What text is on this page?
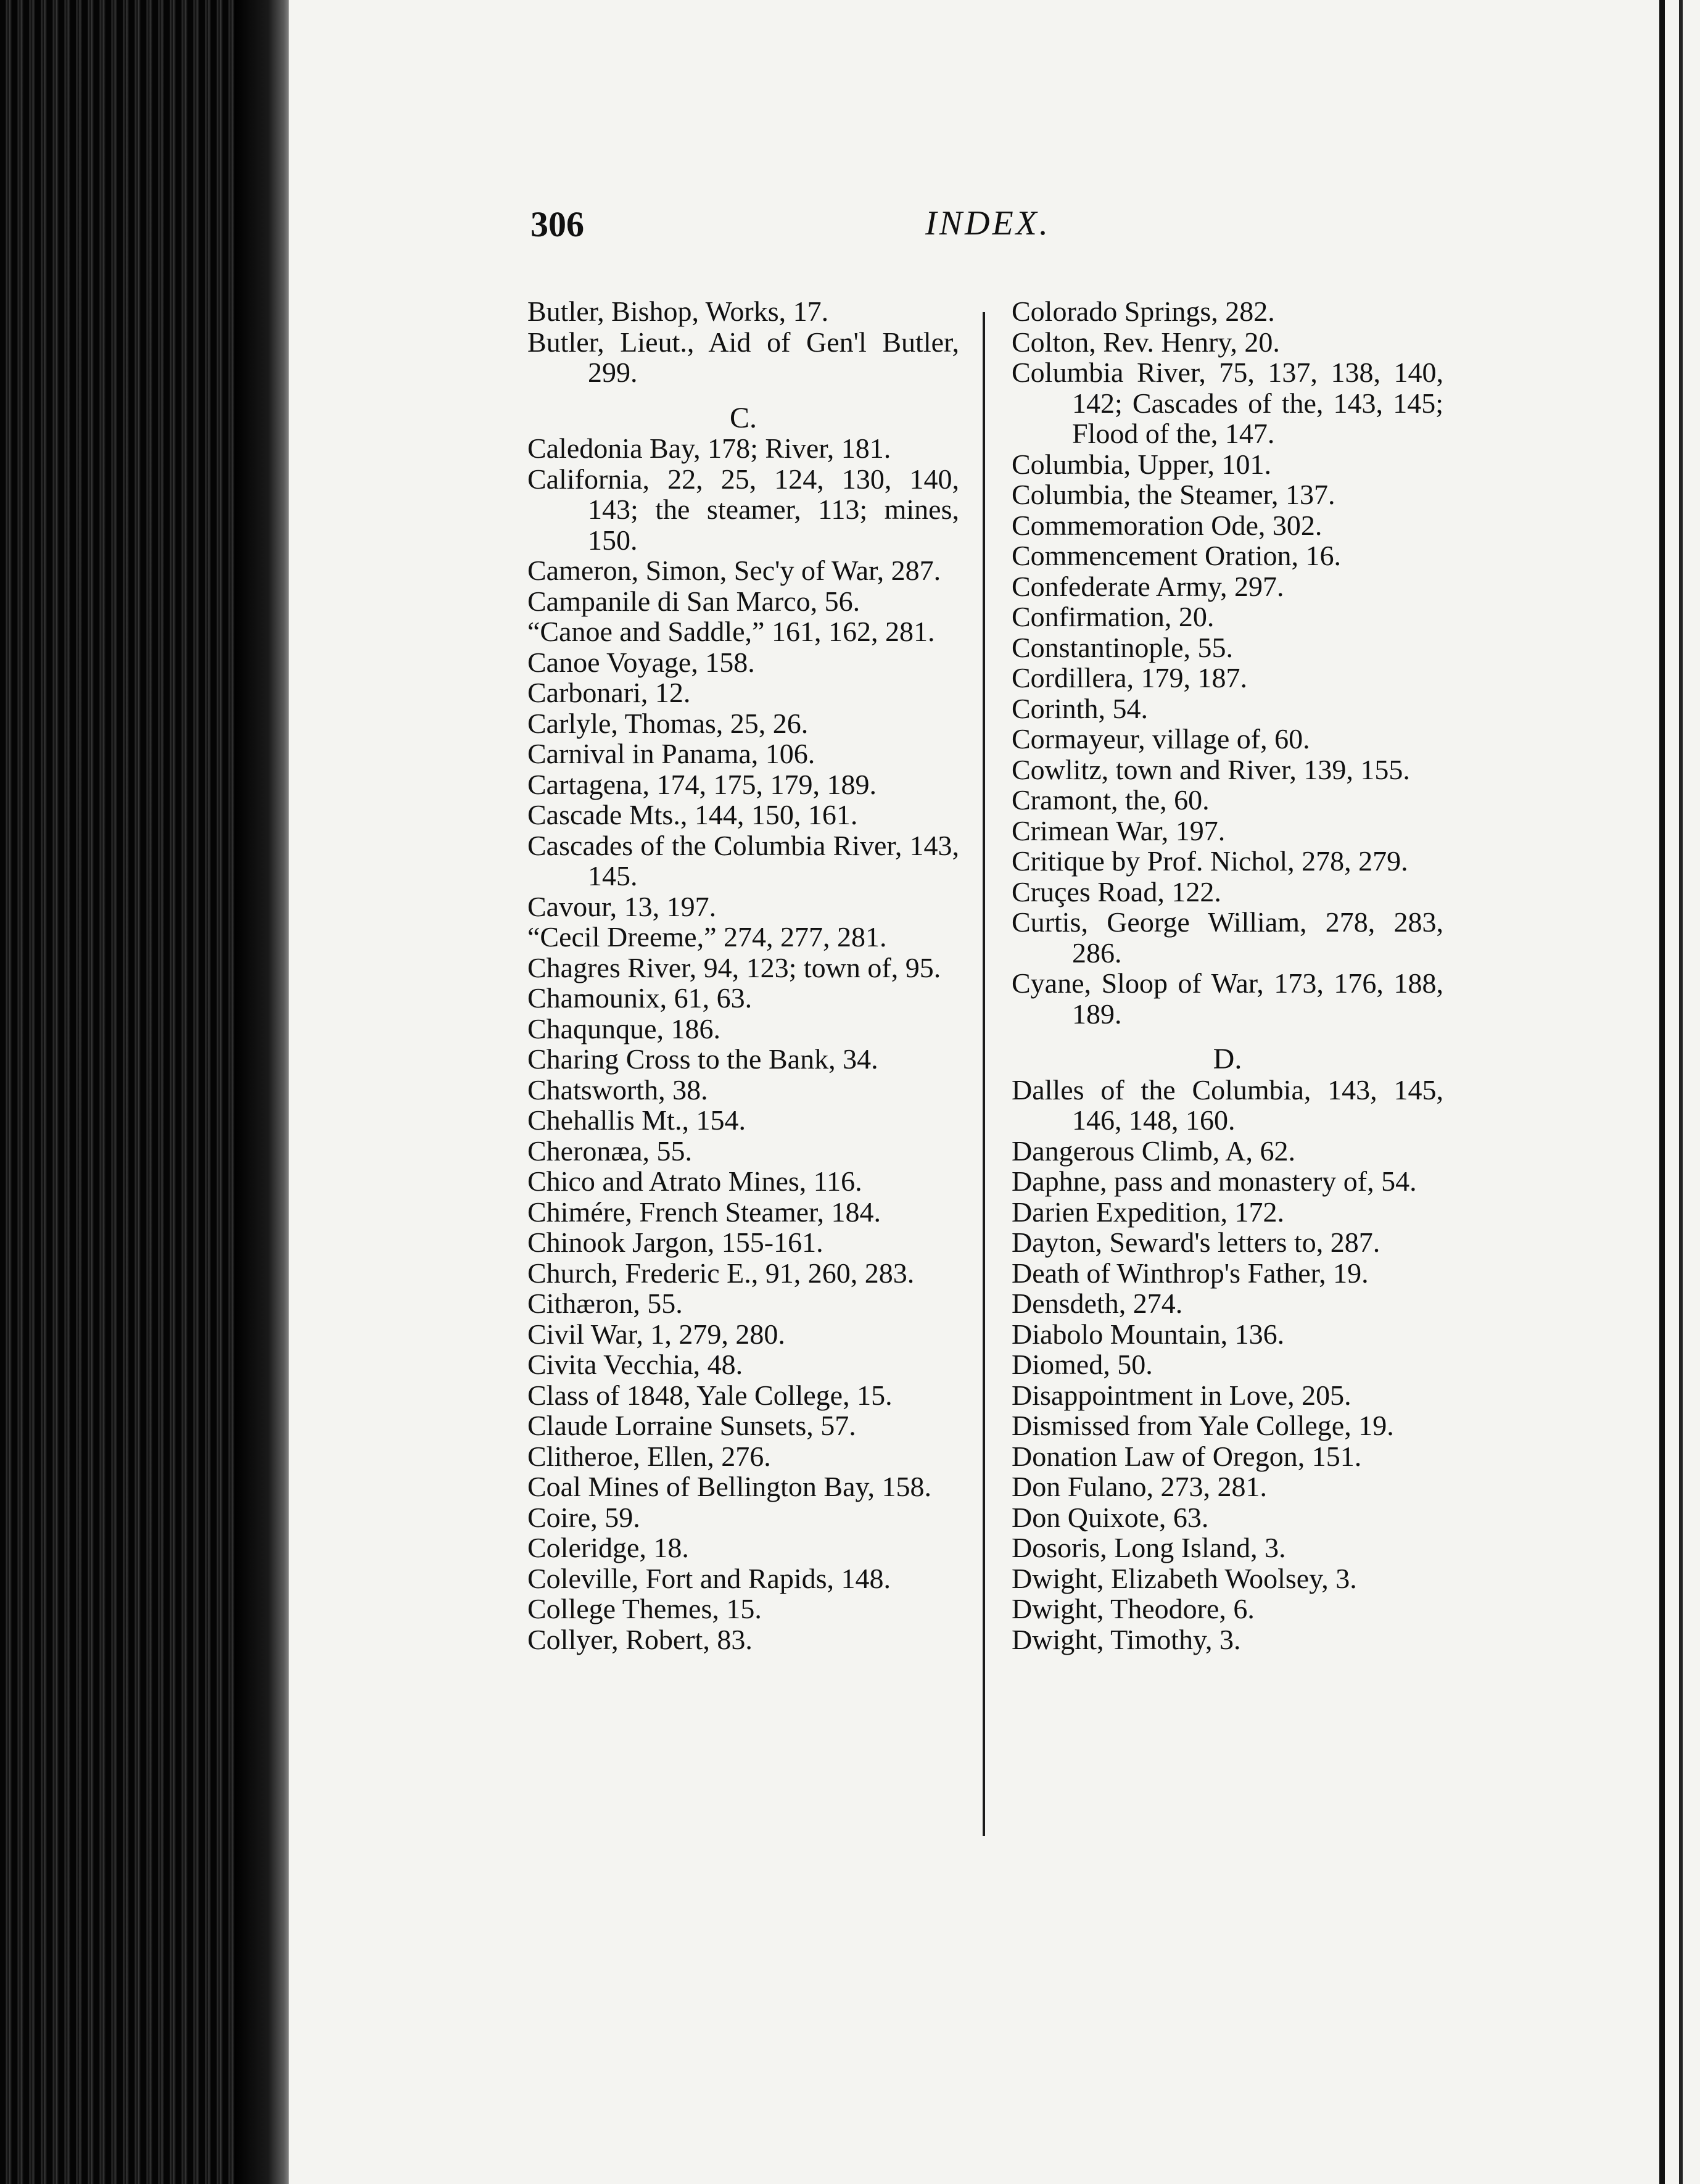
306	INDEX.

Butler, Bishop, Works, 17.

Butler, Lieut., Aid of Gen'l Butler, 299.

C.

Caledonia Bay, 178; River, 181.

California, 22, 25, 124, 130, 140, 143; the steamer, 113; mines, 150.

Cameron, Simon, Sec'y of War, 287.

Campanile di San Marco, 56.

“Canoe and Saddle,” 161, 162, 281.

Canoe Voyage, 158.

Carbonari, 12.

Carlyle, Thomas, 25, 26.

Carnival in Panama, 106.

Cartagena, 174, 175, 179, 189.

Cascade Mts., 144, 150, 161.

Cascades of the Columbia River, 143, 145.

Cavour, 13, 197.

“Cecil Dreeme,” 274, 277, 281.

Chagres River, 94, 123; town of, 95.

Chamounix, 61, 63.

Chaqunque, 186.

Charing Cross to the Bank, 34.

Chatsworth, 38.

Chehallis Mt., 154.

Cheronæa, 55.

Chico and Atrato Mines, 116.

Chimére, French Steamer, 184.

Chinook Jargon, 155-161.

Church, Frederic E., 91, 260, 283.

Cithæron, 55.

Civil War, 1, 279, 280.

Civita Vecchia, 48.

Class of 1848, Yale College, 15.

Claude Lorraine Sunsets, 57.

Clitheroe, Ellen, 276.

Coal Mines of Bellington Bay, 158.

Coire, 59.

Coleridge, 18.

Coleville, Fort and Rapids, 148.

College Themes, 15.

Collyer, Robert, 83.

Colorado Springs, 282.

Colton, Rev. Henry, 20.

Columbia River, 75, 137, 138, 140, 142; Cascades of the, 143, 145; Flood of the, 147.

Columbia, Upper, 101.

Columbia, the Steamer, 137.

Commemoration Ode, 302.

Commencement Oration, 16.

Confederate Army, 297.

Confirmation, 20.

Constantinople, 55.

Cordillera, 179, 187.

Corinth, 54.

Cormayeur, village of, 60.

Cowlitz, town and River, 139, 155.

Cramont, the, 60.

Crimean War, 197.

Critique by Prof. Nichol, 278, 279.

Cruçes Road, 122.

Curtis, George William, 278, 283, 286.

Cyane, Sloop of War, 173, 176, 188, 189.

D.

Dalles of the Columbia, 143, 145, 146, 148, 160.

Dangerous Climb, A, 62.

Daphne, pass and monastery of, 54.

Darien Expedition, 172.

Dayton, Seward's letters to, 287.

Death of Winthrop's Father, 19.

Densdeth, 274.

Diabolo Mountain, 136.

Diomed, 50.

Disappointment in Love, 205.

Dismissed from Yale College, 19.

Donation Law of Oregon, 151.

Don Fulano, 273, 281.

Don Quixote, 63.

Dosoris, Long Island, 3.

Dwight, Elizabeth Woolsey, 3.

Dwight, Theodore, 6.

Dwight, Timothy, 3.
